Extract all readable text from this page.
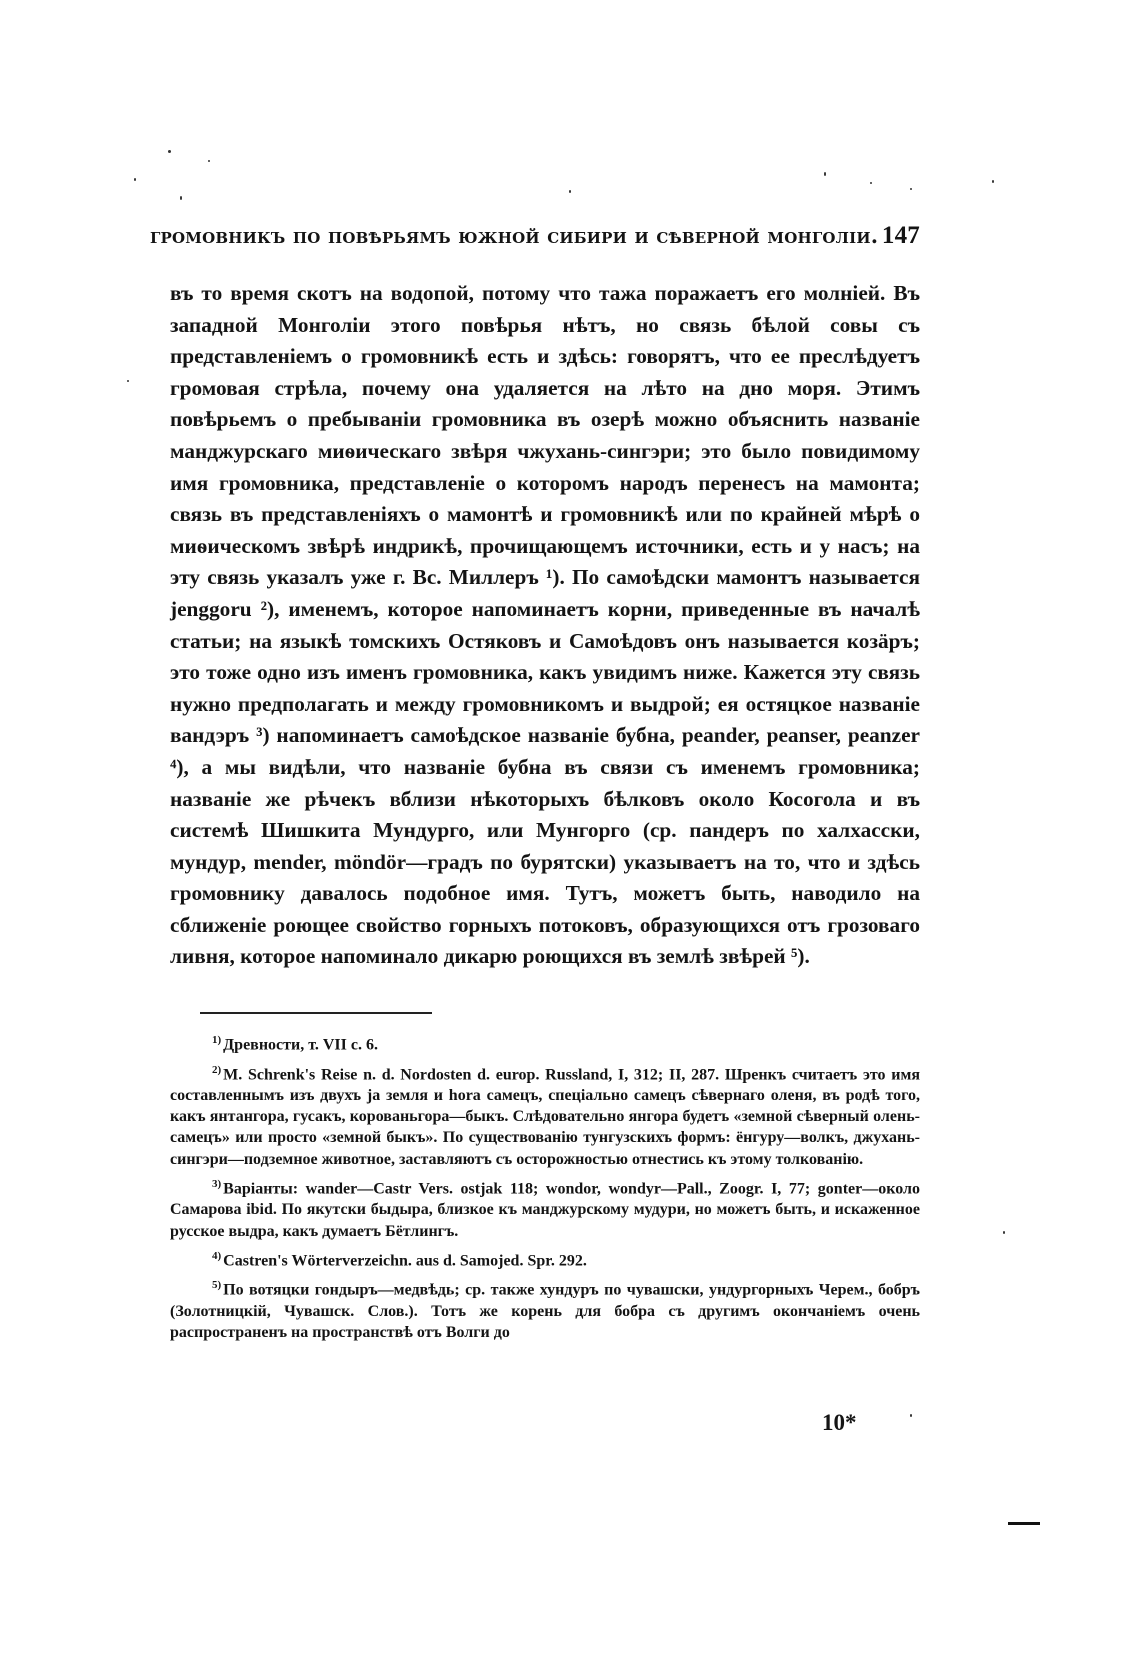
громовникъ по повѣрьямъ южной сибири и сѣверной монголіи. 147

въ то время скотъ на водопой, потому что тажа поражаетъ его молніей. Въ западной Монголіи этого повѣрья нѣтъ, но связь бѣлой совы съ представленіемъ о громовникѣ есть и здѣсь: говорятъ, что ее преслѣдуетъ громовая стрѣла, почему она удаляется на лѣто на дно моря. Этимъ повѣрьемъ о пребываніи громовника въ озерѣ можно объяснить названіе манджурскаго миѳическаго звѣря чжухань-сингэри; это было повидимому имя громовника, представленіе о которомъ народъ перенесъ на мамонта; связь въ представленіяхъ о мамонтѣ и громовникѣ или по крайней мѣрѣ о миѳическомъ звѣрѣ индрикѣ, прочищающемъ источники, есть и у насъ; на эту связь указалъ уже г. Вс. Миллеръ ¹). По самоѣдски мамонтъ называется jenggoru ²), именемъ, которое напоминаетъ корни, приведенные въ началѣ статьи; на языкѣ томскихъ Остяковъ и Самоѣдовъ онъ называется козäръ; это тоже одно изъ именъ громовника, какъ увидимъ ниже. Кажется эту связь нужно предполагать и между громовникомъ и выдрой; ея остяцкое названіе вандэръ ³) напоминаетъ самоѣдское названіе бубна, peander, peanser, peanzer ⁴), а мы видѣли, что названіе бубна въ связи съ именемъ громовника; названіе же рѣчекъ вблизи нѣкоторыхъ бѣлковъ около Косогола и въ системѣ Шишкита Мундурго, или Мунгорго (ср. пандеръ по халхасски, мундур, mender, möndör—градъ по бурятски) указываетъ на то, что и здѣсь громовнику давалось подобное имя. Тутъ, можетъ быть, наводило на сближеніе роющее свойство горныхъ потоковъ, образующихся отъ грозоваго ливня, которое напоминало дикарю роющихся въ землѣ звѣрей ⁵).

$^{1)}$ Древности, т. VII с. 6.

$^{2)}$ M. Schrenk's Reise n. d. Nordosten d. europ. Russland, I, 312; II, 287. Шренкъ считаетъ это имя составленнымъ изъ двухъ ja земля и hora самецъ, спеціально самецъ сѣвернаго оленя, въ родѣ того, какъ янтангора, гусакъ, корованьгора—быкъ. Слѣдовательно янгора будетъ «земной сѣверный олень-самецъ» или просто «земной быкъ». По существованію тунгузскихъ формъ: ёнгуру—волкъ, джухань-сингэри—подземное животное, заставляютъ съ осторожностью отнестись къ этому толкованію.

$^{3)}$ Варіанты: wander—Castr Vers. ostjak 118; wondor, wondyr—Pall., Zoogr. I, 77; gonter—около Самарова ibid. По якутски быдыра, близкое къ манджурскому мудури, но можетъ быть, и искаженное русское выдра, какъ думаетъ Бётлингъ.

$^{4)}$ Castren's Wörterverzeichn. aus d. Samojed. Spr. 292.

$^{5)}$ По вотяцки гондыръ—медвѣдь; ср. также хундуръ по чувашски, ундургорныхъ Черем., бобръ (Золотницкій, Чувашск. Слов.). Тотъ же корень для бобра съ другимъ окончаніемъ очень распространенъ на пространствѣ отъ Волги до

10*
